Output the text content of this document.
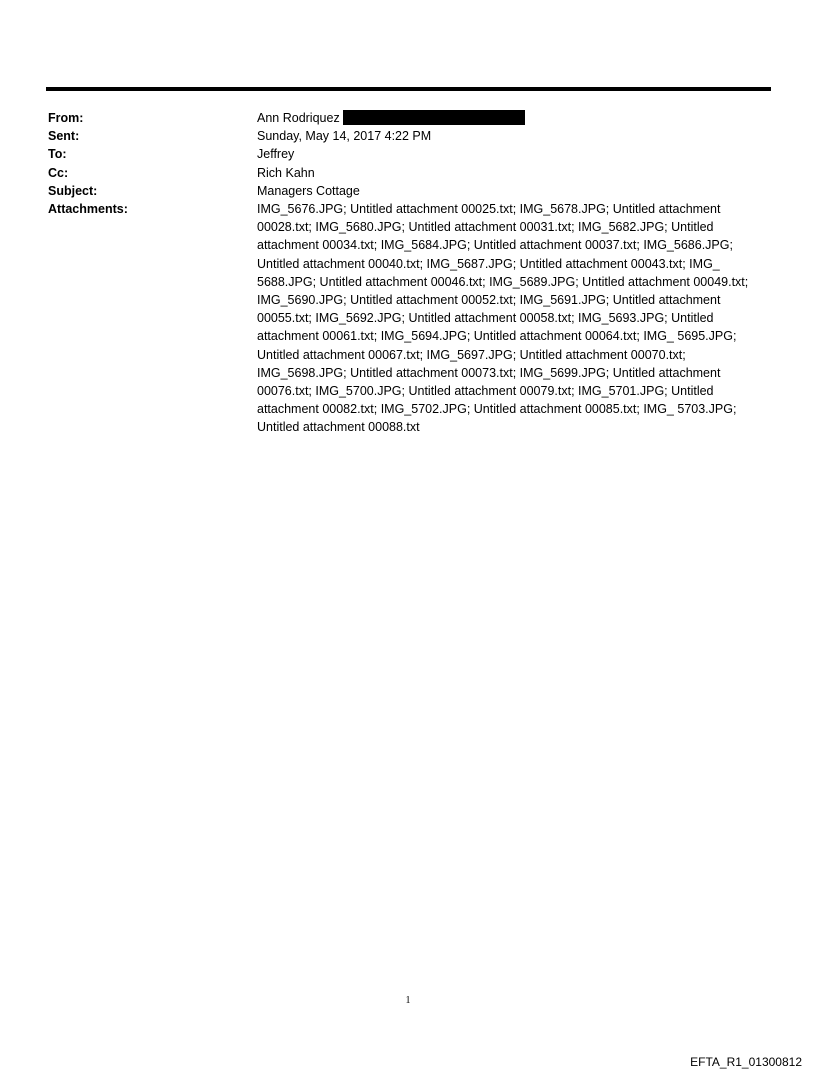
From:	Ann Rodriquez
Sent:	Sunday, May 14, 2017 4:22 PM
To:	Jeffrey
Cc:	Rich Kahn
Subject:	Managers Cottage
Attachments:	IMG_5676.JPG; Untitled attachment 00025.txt; IMG_5678.JPG; Untitled attachment 00028.txt; IMG_5680.JPG; Untitled attachment 00031.txt; IMG_5682.JPG; Untitled attachment 00034.txt; IMG_5684.JPG; Untitled attachment 00037.txt; IMG_5686.JPG; Untitled attachment 00040.txt; IMG_5687.JPG; Untitled attachment 00043.txt; IMG_ 5688.JPG; Untitled attachment 00046.txt; IMG_5689.JPG; Untitled attachment 00049.txt; IMG_5690.JPG; Untitled attachment 00052.txt; IMG_5691.JPG; Untitled attachment 00055.txt; IMG_5692.JPG; Untitled attachment 00058.txt; IMG_5693.JPG; Untitled attachment 00061.txt; IMG_5694.JPG; Untitled attachment 00064.txt; IMG_ 5695.JPG; Untitled attachment 00067.txt; IMG_5697.JPG; Untitled attachment 00070.txt; IMG_5698.JPG; Untitled attachment 00073.txt; IMG_5699.JPG; Untitled attachment 00076.txt; IMG_5700.JPG; Untitled attachment 00079.txt; IMG_5701.JPG; Untitled attachment 00082.txt; IMG_5702.JPG; Untitled attachment 00085.txt; IMG_ 5703.JPG; Untitled attachment 00088.txt
1
EFTA_R1_01300812
